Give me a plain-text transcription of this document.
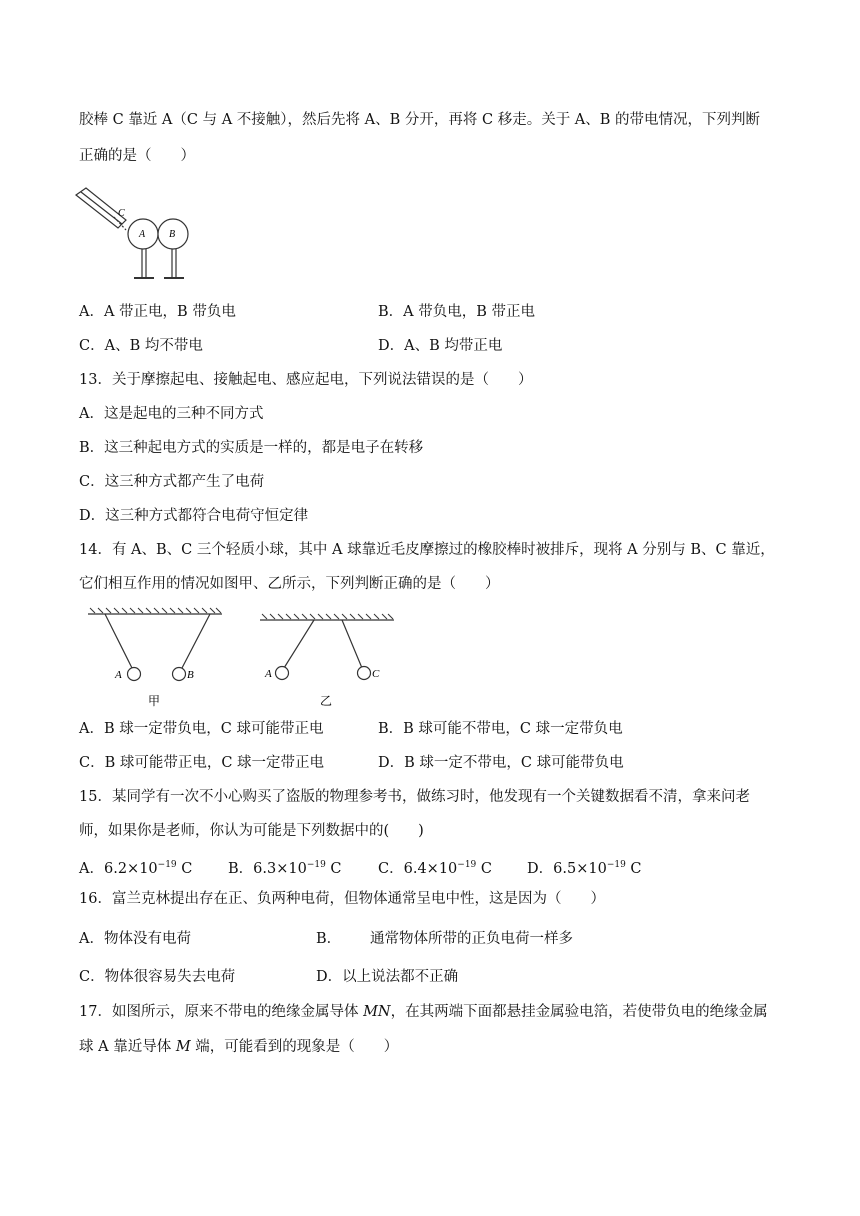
胶棒 C 靠近 A（C 与 A 不接触），然后先将 A、B 分开，再将 C 移走。关于 A、B 的带电情况，下列判断
正确的是（　　）
C
A B
A．A 带正电，B 带负电	B．A 带负电，B 带正电
C．A、B 均不带电	D．A、B 均带正电
13．关于摩擦起电、接触起电、感应起电，下列说法错误的是（　　）
A．这是起电的三种不同方式
B．这三种起电方式的实质是一样的，都是电子在转移
C．这三种方式都产生了电荷
D．这三种方式都符合电荷守恒定律
14．有 A、B、C 三个轻质小球，其中 A 球靠近毛皮摩擦过的橡胶棒时被排斥，现将 A 分别与 B、C 靠近，
它们相互作用的情况如图甲、乙所示，下列判断正确的是（　　）
A	B
甲
A	C
乙
A．B 球一定带负电，C 球可能带正电	B．B 球可能不带电，C 球一定带负电
C．B 球可能带正电，C 球一定带正电	D．B 球一定不带电，C 球可能带负电
15．某同学有一次不小心购买了盗版的物理参考书，做练习时，他发现有一个关键数据看不清，拿来问老
师，如果你是老师，你认为可能是下列数据中的(　　)
A．$6.2\times 10^{-19}$ C B．$6.3\times 10^{-19}$ C	C．$6.4\times 10^{-19}$ C D．$6.5\times 10^{-19}$ C
16．富兰克林提出存在正、负两种电荷，但物体通常呈电中性，这是因为（　　）
A．物体没有电荷	B． 通常物体所带的正负电荷一样多
C．物体很容易失去电荷	D．以上说法都不正确
17．如图所示，原来不带电的绝缘金属导体 MN，在其两端下面都悬挂金属验电箔，若使带负电的绝缘金属
球 A 靠近导体 M 端，可能看到的现象是（　　）
